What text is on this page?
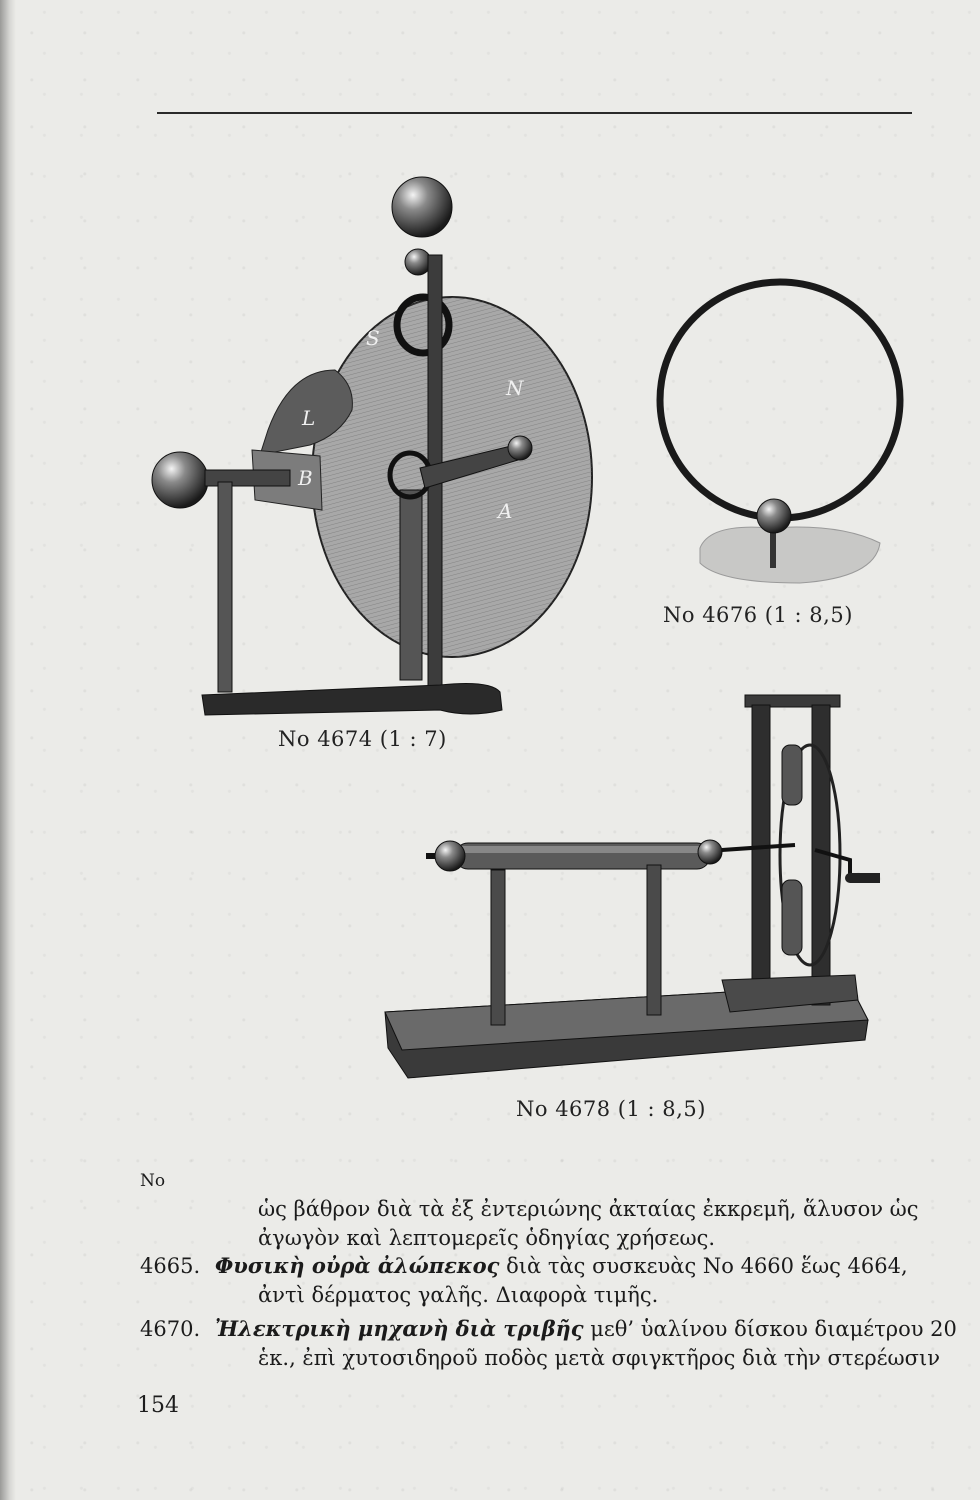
S
N
L
B
A
No 4674 (1 : 7)
No 4676 (1 : 8,5)
No 4678 (1 : 8,5)
No
ὡς βάθρον διὰ τὰ ἐξ ἐντεριώνης ἀκταίας ἐκκρεμῆ, ἅλυσον ὡς
ἀγωγὸν καὶ λεπτομερεῖς ὁδηγίας χρήσεως.
4665. Φυσικὴ οὐρὰ ἀλώπεκος διὰ τὰς συσκευὰς No 4660 ἕως 4664,
ἀντὶ δέρματος γαλῆς. Διαφορὰ τιμῆς.
4670. Ἠλεκτρικὴ μηχανὴ διὰ τριβῆς μεθ’ ὑαλίνου δίσκου διαμέτρου 20
ἑκ., ἐπὶ χυτοσιδηροῦ ποδὸς μετὰ σφιγκτῆρος διὰ τὴν στερέωσιν
154
